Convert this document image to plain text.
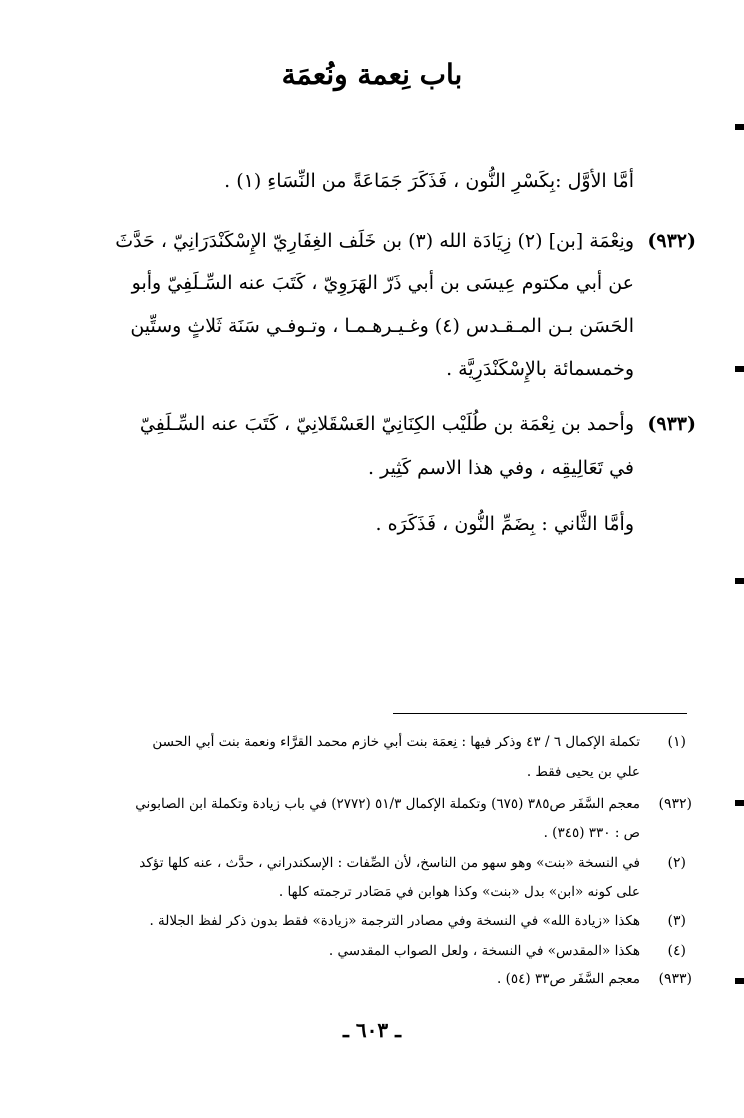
باب نِعمة ونُعمَة
أمَّا الأوَّل :بِكَسْرِ النُّون ، فَذَكَرَ جَمَاعَةً من النِّسَاءِ (١) .
(٩٣٢)
ونِعْمَة [بن] (٢) زِيَادَة الله (٣) بن خَلَف الغِفَارِيّ الإِسْكَنْدَرَانِيّ ، حَدَّثَ
عن أبي مكتوم عِيسَى بن أبي ذَرّ الهَرَوِيّ ، كَتَبَ عنه السِّـلَفِيّ وأبو
الحَسَن بـن المـقـدس (٤) وغـيـرهـمـا ، وتـوفـي سَنَة ثَلاثٍ وستِّين
وخمسمائة بالإِسْكَنْدَرِيَّة .
(٩٣٣)
وأحمد بن نِعْمَة بن طُلَيْب الكِنَانِيّ العَسْقَلانِيّ ، كَتَبَ عنه السِّـلَفِيّ
في تَعَالِيقِه ، وفي هذا الاسم كَثِير .
وأمَّا الثَّاني : بِضَمِّ النُّون ، فَذَكَرَه .
(١)
تكملة الإكمال ٦ / ٤٣ وذكر فيها : نِعمَة بنت أبي خازم محمد القرَّاء ونعمة بنت أبي الحسن
علي بن يحيى فقط .
(٩٣٢)
معجم السَّفَر ص٣٨٥ (٦٧٥) وتكملة الإكمال ٥١/٣ (٢٧٧٢) في باب زيادة وتكملة ابن الصابوني
ص : ٣٣٠ (٣٤٥) .
(٢)
في النسخة «بنت» وهو سهو من الناسخ، لأن الصِّفات : الإسكندراني ، حدَّث ، عنه كلها تؤكد
على كونه «ابن» بدل «بنت» وكذا هوابن في مَصَادر ترجمته كلها .
(٣)
هكذا «زيادة الله» في النسخة وفي مصادر الترجمة «زيادة» فقط بدون ذكر لفظ الجلالة .
(٤)
هكذا «المقدس» في النسخة ، ولعل الصواب المقدسي .
(٩٣٣)
معجم السَّفَر ص٣٣ (٥٤) .
ـ ٦٠٣ ـ
